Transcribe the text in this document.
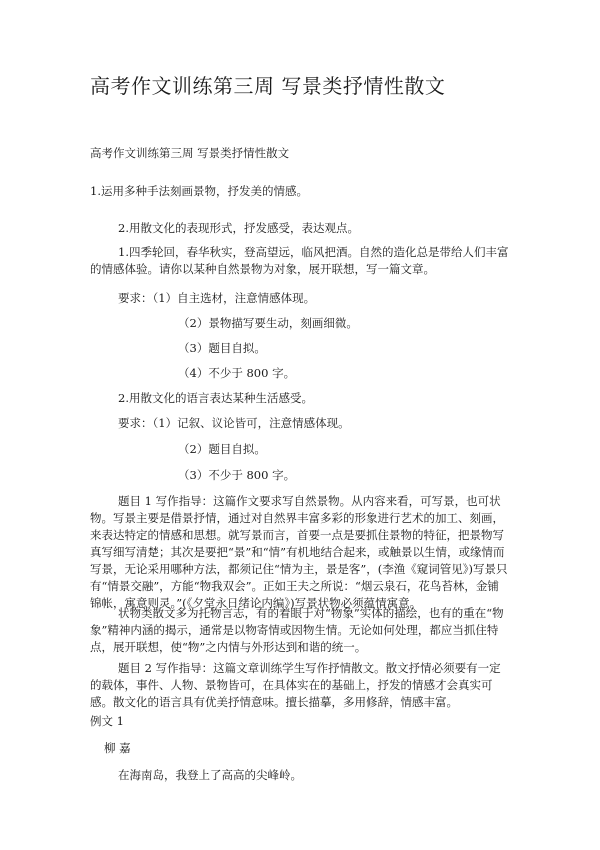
高考作文训练第三周 写景类抒情性散文
高考作文训练第三周 写景类抒情性散文
1.运用多种手法刻画景物，抒发美的情感。
2.用散文化的表现形式，抒发感受，表达观点。

1.四季轮回，春华秋实，登高望远，临风把酒。自然的造化总是带给人们丰富的情感体验。请你以某种自然景物为对象，展开联想，写一篇文章。

要求：（1）自主选材，注意情感体现。
（2）景物描写要生动，刻画细微。
（3）题目自拟。
（4）不少于 800 字。
2.用散文化的语言表达某种生活感受。
要求：（1）记叙、议论皆可，注意情感体现。
（2）题目自拟。
（3）不少于 800 字。

题目 1 写作指导：这篇作文要求写自然景物。从内容来看，可写景，也可状物。写景主要是借景抒情，通过对自然界丰富多彩的形象进行艺术的加工、刻画，来表达特定的情感和思想。就写景而言，首要一点是要抓住景物的特征，把景物写真写细写清楚；其次是要把“景”和“情”有机地结合起来，或触景以生情，或缘情而写景，无论采用哪种方法，都须记住“情为主，景是客”，(李渔《窥词管见》)写景只有“情景交融”，方能“物我双会”。正如王夫之所说：“烟云泉石，花鸟苔林，金铺锦帐，寓意则灵。”(《夕堂永日绪论内编》)写景状物必须蕴情寓意。

状物类散文多为托物言志，有的着眼于对“物象”实体的描绘，也有的重在“物象”精神内涵的揭示，通常是以物寄情或因物生情。无论如何处理，都应当抓住特点，展开联想，使“物”之内情与外形达到和谐的统一。

题目 2 写作指导：这篇文章训练学生写作抒情散文。散文抒情必须要有一定的载体，事件、人物、景物皆可，在具体实在的基础上，抒发的情感才会真实可感。散文化的语言具有优美抒情意味。擅长描摹，多用修辞，情感丰富。

例文 1
柳 嘉
在海南岛，我登上了高高的尖峰岭。
